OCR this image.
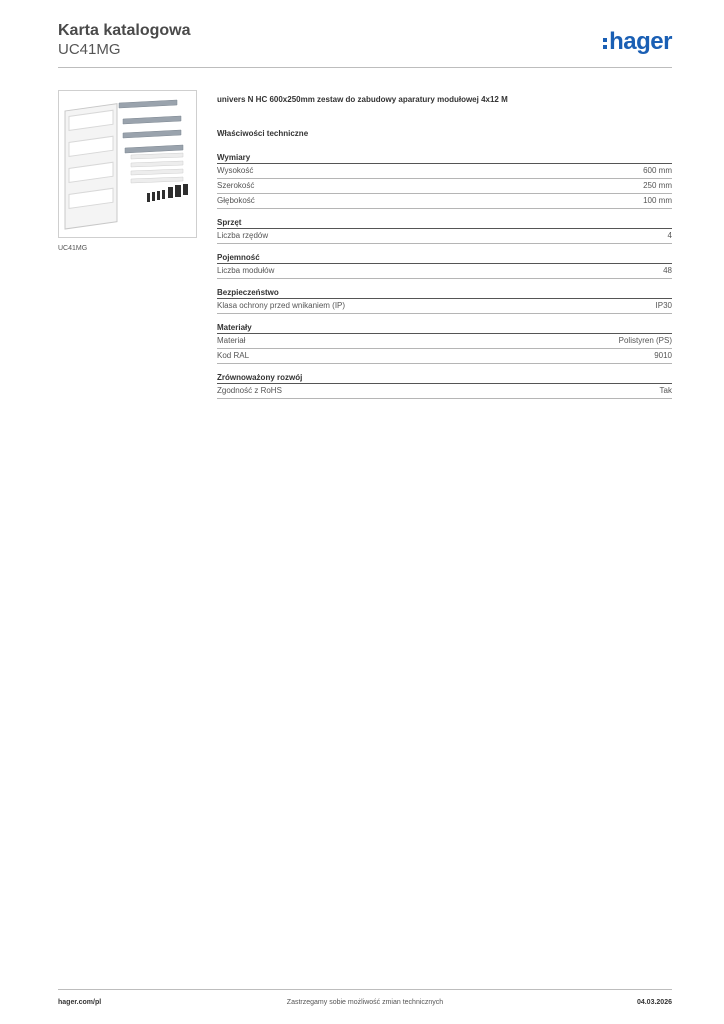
Karta katalogowa
UC41MG	hager
UC41MG
univers N HC 600x250mm zestaw do zabudowy aparatury modułowej 4x12 M
Właściwości techniczne
Wymiary
Wysokość	600 mm
Szerokość	250 mm
Głębokość	100 mm
Sprzęt
Liczba rzędów	4
Pojemność
Liczba modułów	48
Bezpieczeństwo
Klasa ochrony przed wnikaniem (IP)	IP30
Materiały
Materiał	Polistyren (PS)
Kod RAL	9010
Zrównoważony rozwój
Zgodność z RoHS	Tak
hager.com/pl	Zastrzegamy sobie możliwość zmian technicznych	04.03.2026
